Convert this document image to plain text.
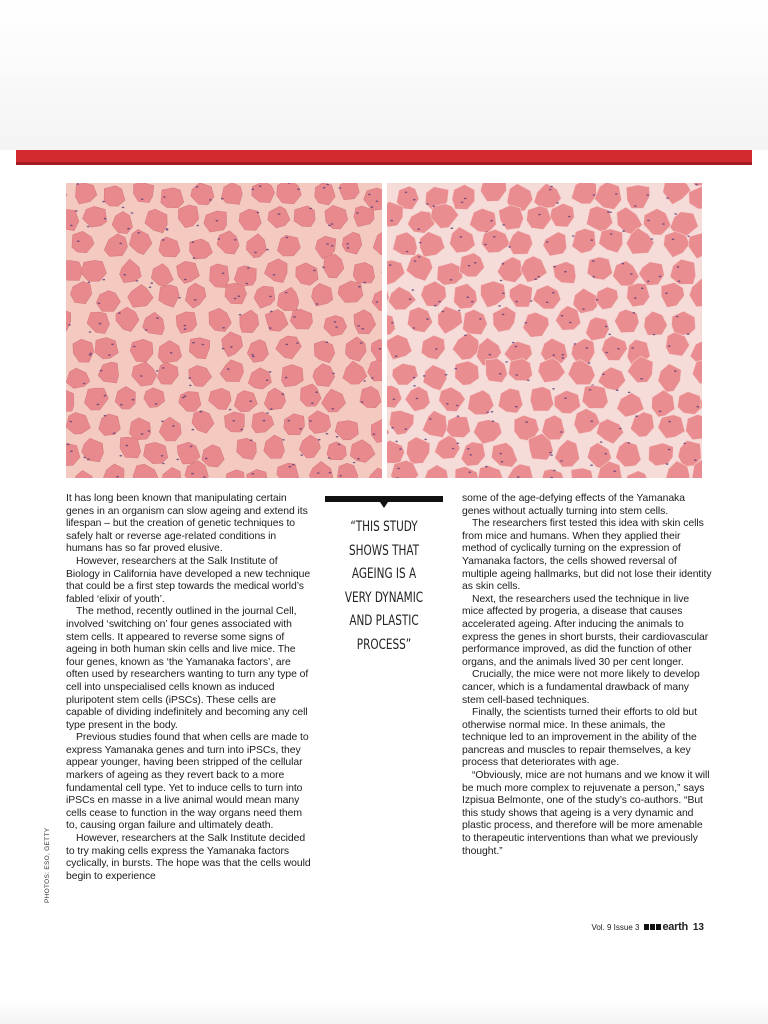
It has long been known that manipulating certain genes in an organism can slow ageing and extend its lifespan – but the creation of genetic techniques to safely halt or reverse age-related conditions in humans has so far proved elusive.

However, researchers at the Salk Institute of Biology in California have developed a new technique that could be a first step towards the medical world’s fabled ‘elixir of youth’.

The method, recently outlined in the journal Cell, involved ‘switching on’ four genes associated with stem cells. It appeared to reverse some signs of ageing in both human skin cells and live mice. The four genes, known as ‘the Yamanaka factors’, are often used by researchers wanting to turn any type of cell into unspecialised cells known as induced pluripotent stem cells (iPSCs). These cells are capable of dividing indefinitely and becoming any cell type present in the body.

Previous studies found that when cells are made to express Yamanaka genes and turn into iPSCs, they appear younger, having been stripped of the cellular markers of ageing as they revert back to a more fundamental cell type. Yet to induce cells to turn into iPSCs en masse in a live animal would mean many cells cease to function in the way organs need them to, causing organ failure and ultimately death.

However, researchers at the Salk Institute decided to try making cells express the Yamanaka factors cyclically, in bursts. The hope was that the cells would begin to experience

“THIS STUDY
SHOWS THAT
AGEING IS A
VERY DYNAMIC
AND PLASTIC
PROCESS”

some of the age-defying effects of the Yamanaka genes without actually turning into stem cells.

The researchers first tested this idea with skin cells from mice and humans. When they applied their method of cyclically turning on the expression of Yamanaka factors, the cells showed reversal of multiple ageing hallmarks, but did not lose their identity as skin cells.

Next, the researchers used the technique in live mice affected by progeria, a disease that causes accelerated ageing. After inducing the animals to express the genes in short bursts, their cardiovascular performance improved, as did the function of other organs, and the animals lived 30 per cent longer.

Crucially, the mice were not more likely to develop cancer, which is a fundamental drawback of many stem cell-based techniques.

Finally, the scientists turned their efforts to old but otherwise normal mice. In these animals, the technique led to an improvement in the ability of the pancreas and muscles to repair themselves, a key process that deteriorates with age.

“Obviously, mice are not humans and we know it will be much more complex to rejuvenate a person,” says Izpisua Belmonte, one of the study’s co-authors. “But this study shows that ageing is a very dynamic and plastic process, and therefore will be more amenable to therapeutic interventions than what we previously thought.”

PHOTOS: ESO, GETTY
Vol. 9 Issue 3 earth 13
